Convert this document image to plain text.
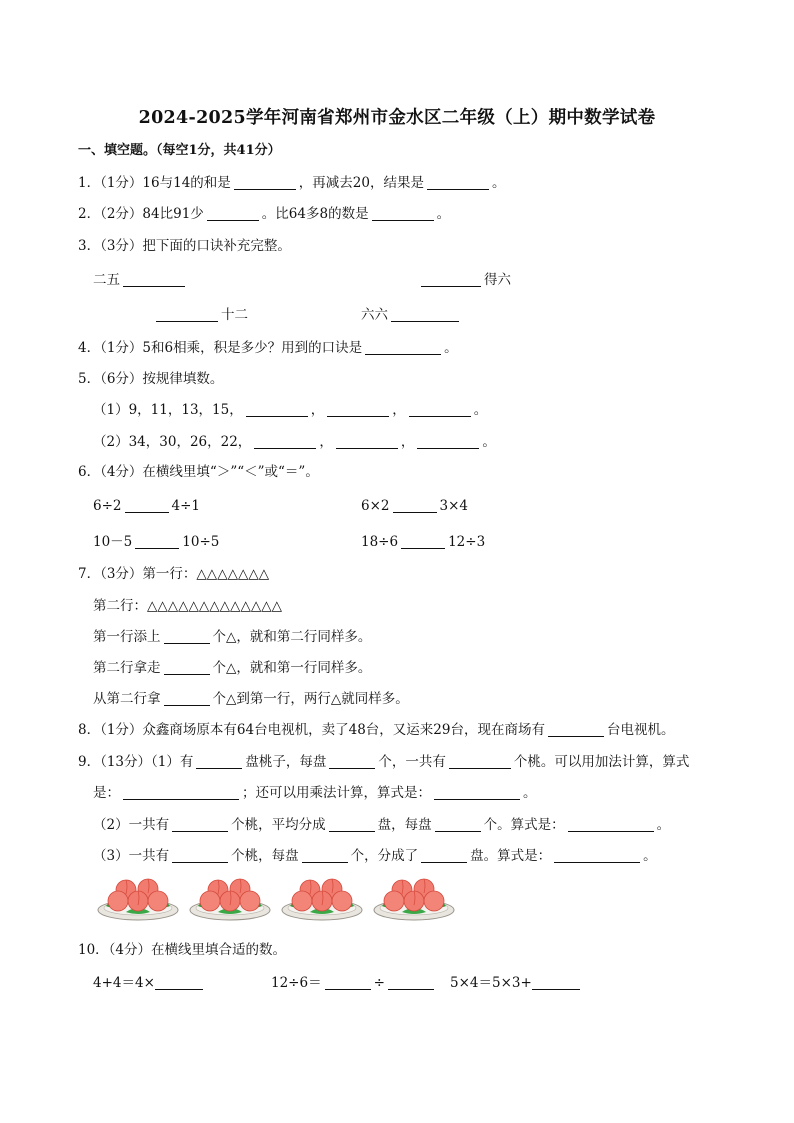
2024-2025学年河南省郑州市金水区二年级（上）期中数学试卷
一、填空题。（每空1分，共41分）
1．（1分）16与14的和是	，再减去20，结果是	。
2．（2分）84比91少	。比64多8的数是	。
3．（3分）把下面的口诀补充完整。
二五	得六
十二	六六
4．（1分）5和6相乘，积是多少？用到的口诀是	。
5．（6分）按规律填数。
（1）9，11，13，15，	，	，	。
（2）34，30，26，22，	，	，	。
6．（4分）在横线里填“＞”“＜”或“＝”。
6÷2	4÷1	6×2	3×4
10－5	10÷5	18÷6	12÷3
7．（3分）第一行：△△△△△△△
第二行：△△△△△△△△△△△△△
第一行添上	个△，就和第二行同样多。
第二行拿走	个△，就和第一行同样多。
从第二行拿	个△到第一行，两行△就同样多。
8．（1分）众鑫商场原本有64台电视机，卖了48台，又运来29台，现在商场有	台电视机。
9．（13分）（1）有	盘桃子，每盘	个，一共有	个桃。可以用加法计算，算式
是：	；还可以用乘法计算，算式是：	。
（2）一共有	个桃，平均分成	盘，每盘	个。算式是：	。
（3）一共有	个桃，每盘	个，分成了	盘。算式是：	。
10．（4分）在横线里填合适的数。
4+4＝4×	12÷6＝	÷	5×4＝5×3+
